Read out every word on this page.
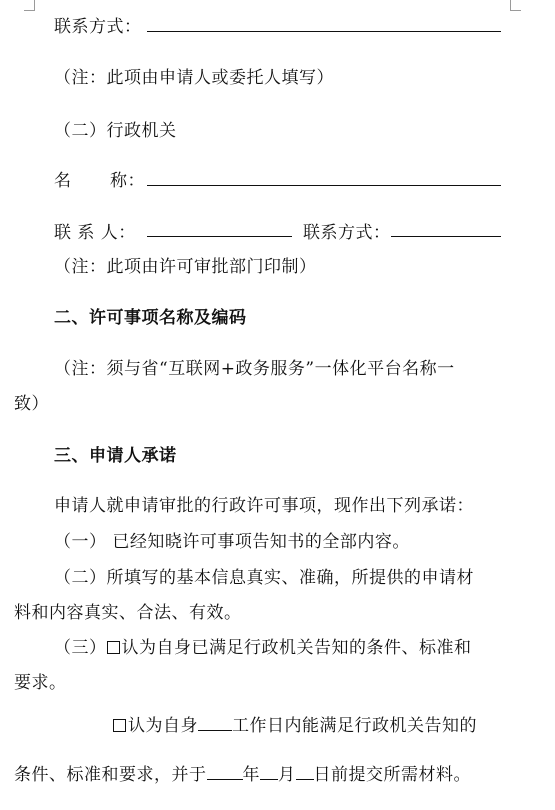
联系方式：
（注：此项由申请人或委托人填写）
（二）行政机关
名 称：
联 系 人：	联系方式：
（注：此项由许可审批部门印制）
二、许可事项名称及编码
（注：须与省“互联网+政务服务”一体化平台名称一
致）
三、申请人承诺
申请人就申请审批的行政许可事项，现作出下列承诺：
（一） 已经知晓许可事项告知书的全部内容。
（二）所填写的基本信息真实、准确，所提供的申请材
料和内容真实、合法、有效。
（三） 认为自身已满足行政机关告知的条件、标准和
要求。
认为自身 工作日内能满足行政机关告知的
条件、标准和要求，并于 年 月 日前提交所需材料。
